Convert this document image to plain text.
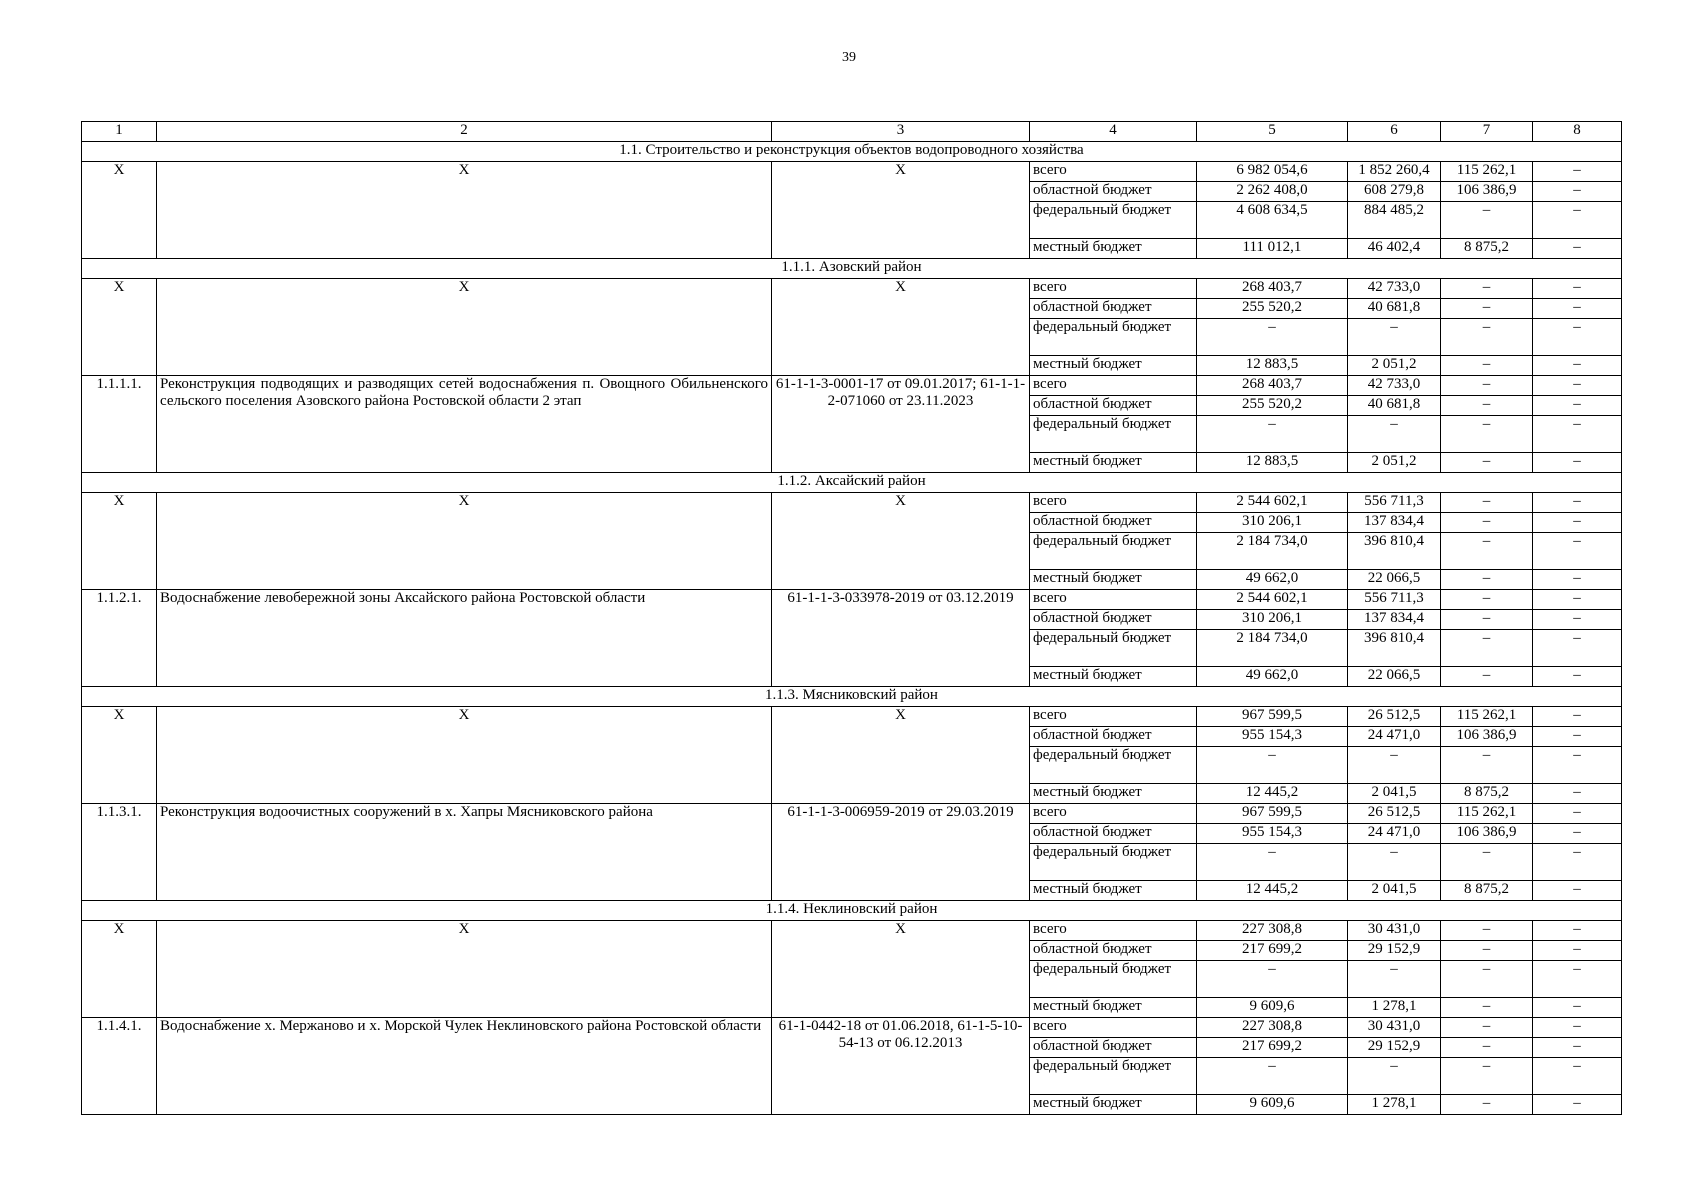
39
1	2	3	4	5	6	7	8
1.1. Строительство и реконструкция объектов водопроводного хозяйства							
X	X	X	всего	6 982 054,6	1 852 260,4	115 262,1	–
			областной бюджет	2 262 408,0	608 279,8	106 386,9	–
			федеральный бюджет	4 608 634,5	884 485,2	–	–
			местный бюджет	111 012,1	46 402,4	8 875,2	–
1.1.1. Азовский район							
X	X	X	всего	268 403,7	42 733,0	–	–
			областной бюджет	255 520,2	40 681,8	–	–
			федеральный бюджет	–	–	–	–
			местный бюджет	12 883,5	2 051,2	–	–
1.1.1.1.	Реконструкция подводящих и разводящих сетей водоснабжения п. Овощного Обильненского сельского поселения Азовского района Ростовской области 2 этап	61-1-1-3-0001-17 от 09.01.2017; 61-1-1-2-071060 от 23.11.2023	всего	268 403,7	42 733,0	–	–
			областной бюджет	255 520,2	40 681,8	–	–
			федеральный бюджет	–	–	–	–
			местный бюджет	12 883,5	2 051,2	–	–
1.1.2. Аксайский район							
X	X	X	всего	2 544 602,1	556 711,3	–	–
			областной бюджет	310 206,1	137 834,4	–	–
			федеральный бюджет	2 184 734,0	396 810,4	–	–
			местный бюджет	49 662,0	22 066,5	–	–
1.1.2.1.	Водоснабжение левобережной зоны Аксайского района Ростовской области	61-1-1-3-033978-2019 от 03.12.2019	всего	2 544 602,1	556 711,3	–	–
			областной бюджет	310 206,1	137 834,4	–	–
			федеральный бюджет	2 184 734,0	396 810,4	–	–
			местный бюджет	49 662,0	22 066,5	–	–
1.1.3. Мясниковский район							
X	X	X	всего	967 599,5	26 512,5	115 262,1	–
			областной бюджет	955 154,3	24 471,0	106 386,9	–
			федеральный бюджет	–	–	–	–
			местный бюджет	12 445,2	2 041,5	8 875,2	–
1.1.3.1.	Реконструкция водоочистных сооружений в х. Хапры Мясниковского района	61-1-1-3-006959-2019 от 29.03.2019	всего	967 599,5	26 512,5	115 262,1	–
			областной бюджет	955 154,3	24 471,0	106 386,9	–
			федеральный бюджет	–	–	–	–
			местный бюджет	12 445,2	2 041,5	8 875,2	–
1.1.4. Неклиновский район							
X	X	X	всего	227 308,8	30 431,0	–	–
			областной бюджет	217 699,2	29 152,9	–	–
			федеральный бюджет	–	–	–	–
			местный бюджет	9 609,6	1 278,1	–	–
1.1.4.1.	Водоснабжение х. Мержаново и х. Морской Чулек Неклиновского района Ростовской области	61-1-0442-18 от 01.06.2018, 61-1-5-10-54-13 от 06.12.2013	всего	227 308,8	30 431,0	–	–
			областной бюджет	217 699,2	29 152,9	–	–
			федеральный бюджет	–	–	–	–
			местный бюджет	9 609,6	1 278,1	–	–
